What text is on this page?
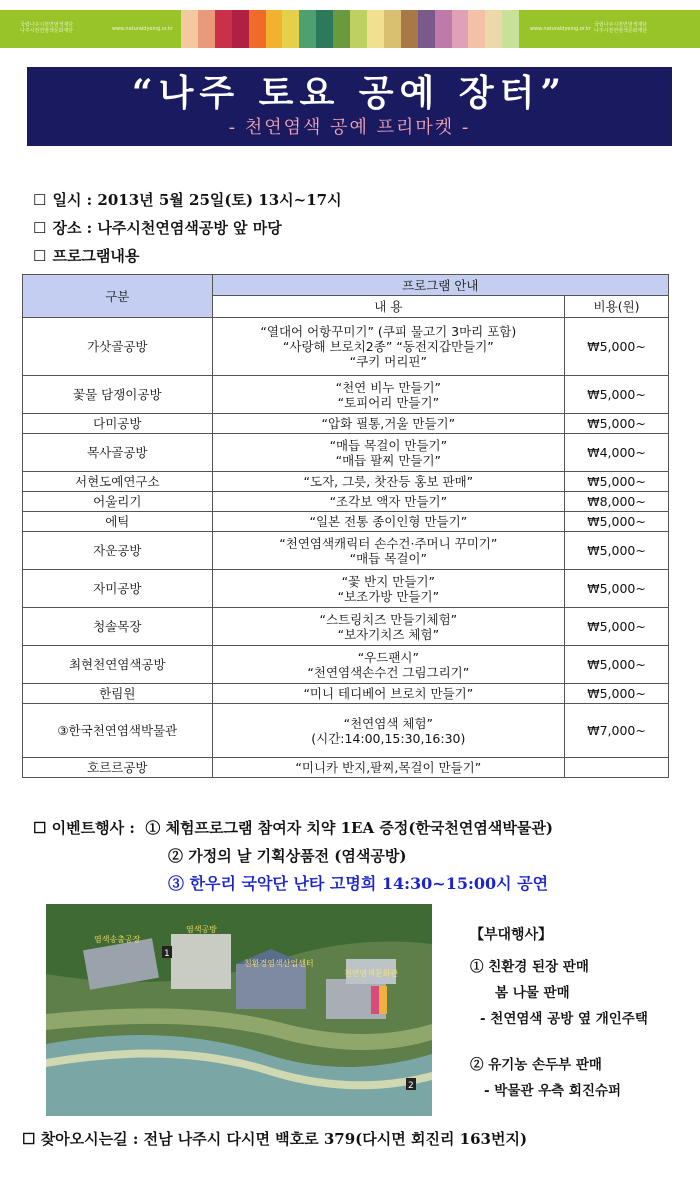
국립나주시천연염색재단
나주시천연염색문화재단	www.naturaldyeing.or.kr	www.naturaldyeing.or.kr
국립나주시천연염색재단
나주시천연염색문화재단
“나주 토요 공예 장터”
- 천연염색 공예 프리마켓 -
☐ 일시 : 2013년 5월 25일(토) 13시~17시
☐ 장소 : 나주시천연염색공방 앞 마당
☐ 프로그램내용
구분	프로그램 안내	
	내 용	비용(원)
가삿골공방	“열대어 어항꾸미기” (쿠피 물고기 3마리 포함)
“사랑해 브로치2종” “동전지갑만들기”
“쿠키 머리핀”	₩5,000~
꽃물 담쟁이공방	“천연 비누 만들기”
“토피어리 만들기”	₩5,000~
다미공방	“압화 필통,거울 만들기”	₩5,000~
목사골공방	“매듭 목걸이 만들기”
“매듭 팔찌 만들기”	₩4,000~
서현도예연구소	“도자, 그릇, 찻잔등 홍보 판매”	₩5,000~
어울리기	“조각보 액자 만들기”	₩8,000~
에틱	“일본 전통 종이인형 만들기”	₩5,000~
자운공방	“천연염색캐릭터 손수건·주머니 꾸미기”
“매듭 목걸이”	₩5,000~
자미공방	“꽃 반지 만들기”
“보조가방 만들기”	₩5,000~
청솔목장	“스트링치즈 만들기체험”
“보자기치즈 체험”	₩5,000~
최현천연염색공방	“우드팬시”
“천연염색손수건 그림그리기”	₩5,000~
한림원	“미니 테디베어 브로치 만들기”	₩5,000~
③한국천연염색박물관	“천연염색 체험”
(시간:14:00,15:30,16:30)	₩7,000~
호르르공방	“미니카 반지,팔찌,목걸이 만들기”	

☐ 이벤트행사 : ① 체험프로그램 참여자 치약 1EA 증정(한국천연염색박물관)
② 가정의 날 기획상품전 (염색공방)
③ 한우리 국악단 난타 고명희 14:30~15:00시 공연
염색송출공장
염색공방
친환경염색산업센터
천연염색문화관
1
2
【부대행사】
① 친환경 된장 판매
봄 나물 판매
- 천연염색 공방 옆 개인주택
② 유기농 손두부 판매
- 박물관 우측 회진슈퍼
☐ 찾아오시는길 : 전남 나주시 다시면 백호로 379(다시면 회진리 163번지)
